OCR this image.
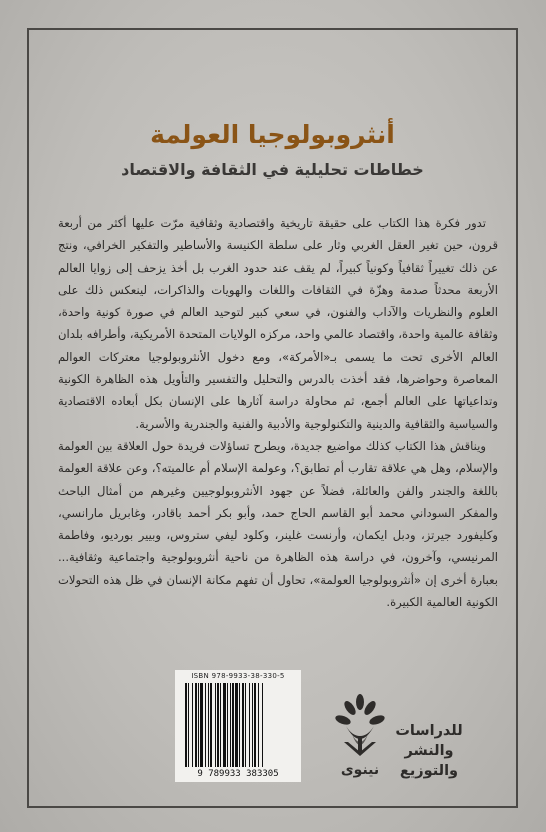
أنثروبولوجيا العولمة
خطاطات تحليلية في الثقافة والاقتصاد

تدور فكرة هذا الكتاب على حقيقة تاريخية واقتصادية وثقافية مرّت عليها أكثر من أربعة قرون، حين تغير العقل الغربي وثار على سلطة الكنيسة والأساطير والتفكير الخرافي، ونتج عن ذلك تغييراً ثقافياً وكونياً كبيراً، لم يقف عند حدود الغرب بل أخذ يزحف إلى زوايا العالم الأربعة محدثاً صدمة وهزّة في الثقافات واللغات والهويات والذاكرات، لينعكس ذلك على العلوم والنظريات والآداب والفنون، في سعي كبير لتوحيد العالم في صورة كونية واحدة، وثقافة عالمية واحدة، واقتصاد عالمي واحد، مركزه الولايات المتحدة الأمريكية، وأطرافه بلدان العالم الأخرى تحت ما يسمى بـ«الأمركة»، ومع دخول الأنثروبولوجيا معتركات العوالم المعاصرة وحواضرها، فقد أخذت بالدرس والتحليل والتفسير والتأويل هذه الظاهرة الكونية وتداعياتها على العالم أجمع، ثم محاولة دراسة آثارها على الإنسان بكل أبعاده الاقتصادية والسياسية والثقافية والدينية والتكنولوجية والأدبية والفنية والجندرية والأسرية.

ويناقش هذا الكتاب كذلك مواضيع جديدة، ويطرح تساؤلات فريدة حول العلاقة بين العولمة والإسلام، وهل هي علاقة تقارب أم تطابق؟، وعولمة الإسلام أم عالميته؟، وعن علاقة العولمة باللغة والجندر والفن والعائلة، فضلاً عن جهود الأنثروبولوجيين وغيرهم من أمثال الباحث والمفكر السوداني محمد أبو القاسم الحاج حمد، وأبو بكر أحمد باقادر، وغابريل مارانسي، وكليفورد جيرتز، ودبل ايكمان، وأرنست غلينر، وكلود ليفي ستروس، وبيير بورديو، وفاطمة المرنيسي، وآخرون، في دراسة هذه الظاهرة من ناحية أنثروبولوجية واجتماعية وثقافية... بعبارة أخرى إن «أنثروبولوجيا العولمة»، تحاول أن تفهم مكانة الإنسان في ظل هذه التحولات الكونية العالمية الكبيرة.

ISBN 978-9933-38-330-5
9 789933 383305	نينوى
للدراسات
والنشر
والتوزيع
